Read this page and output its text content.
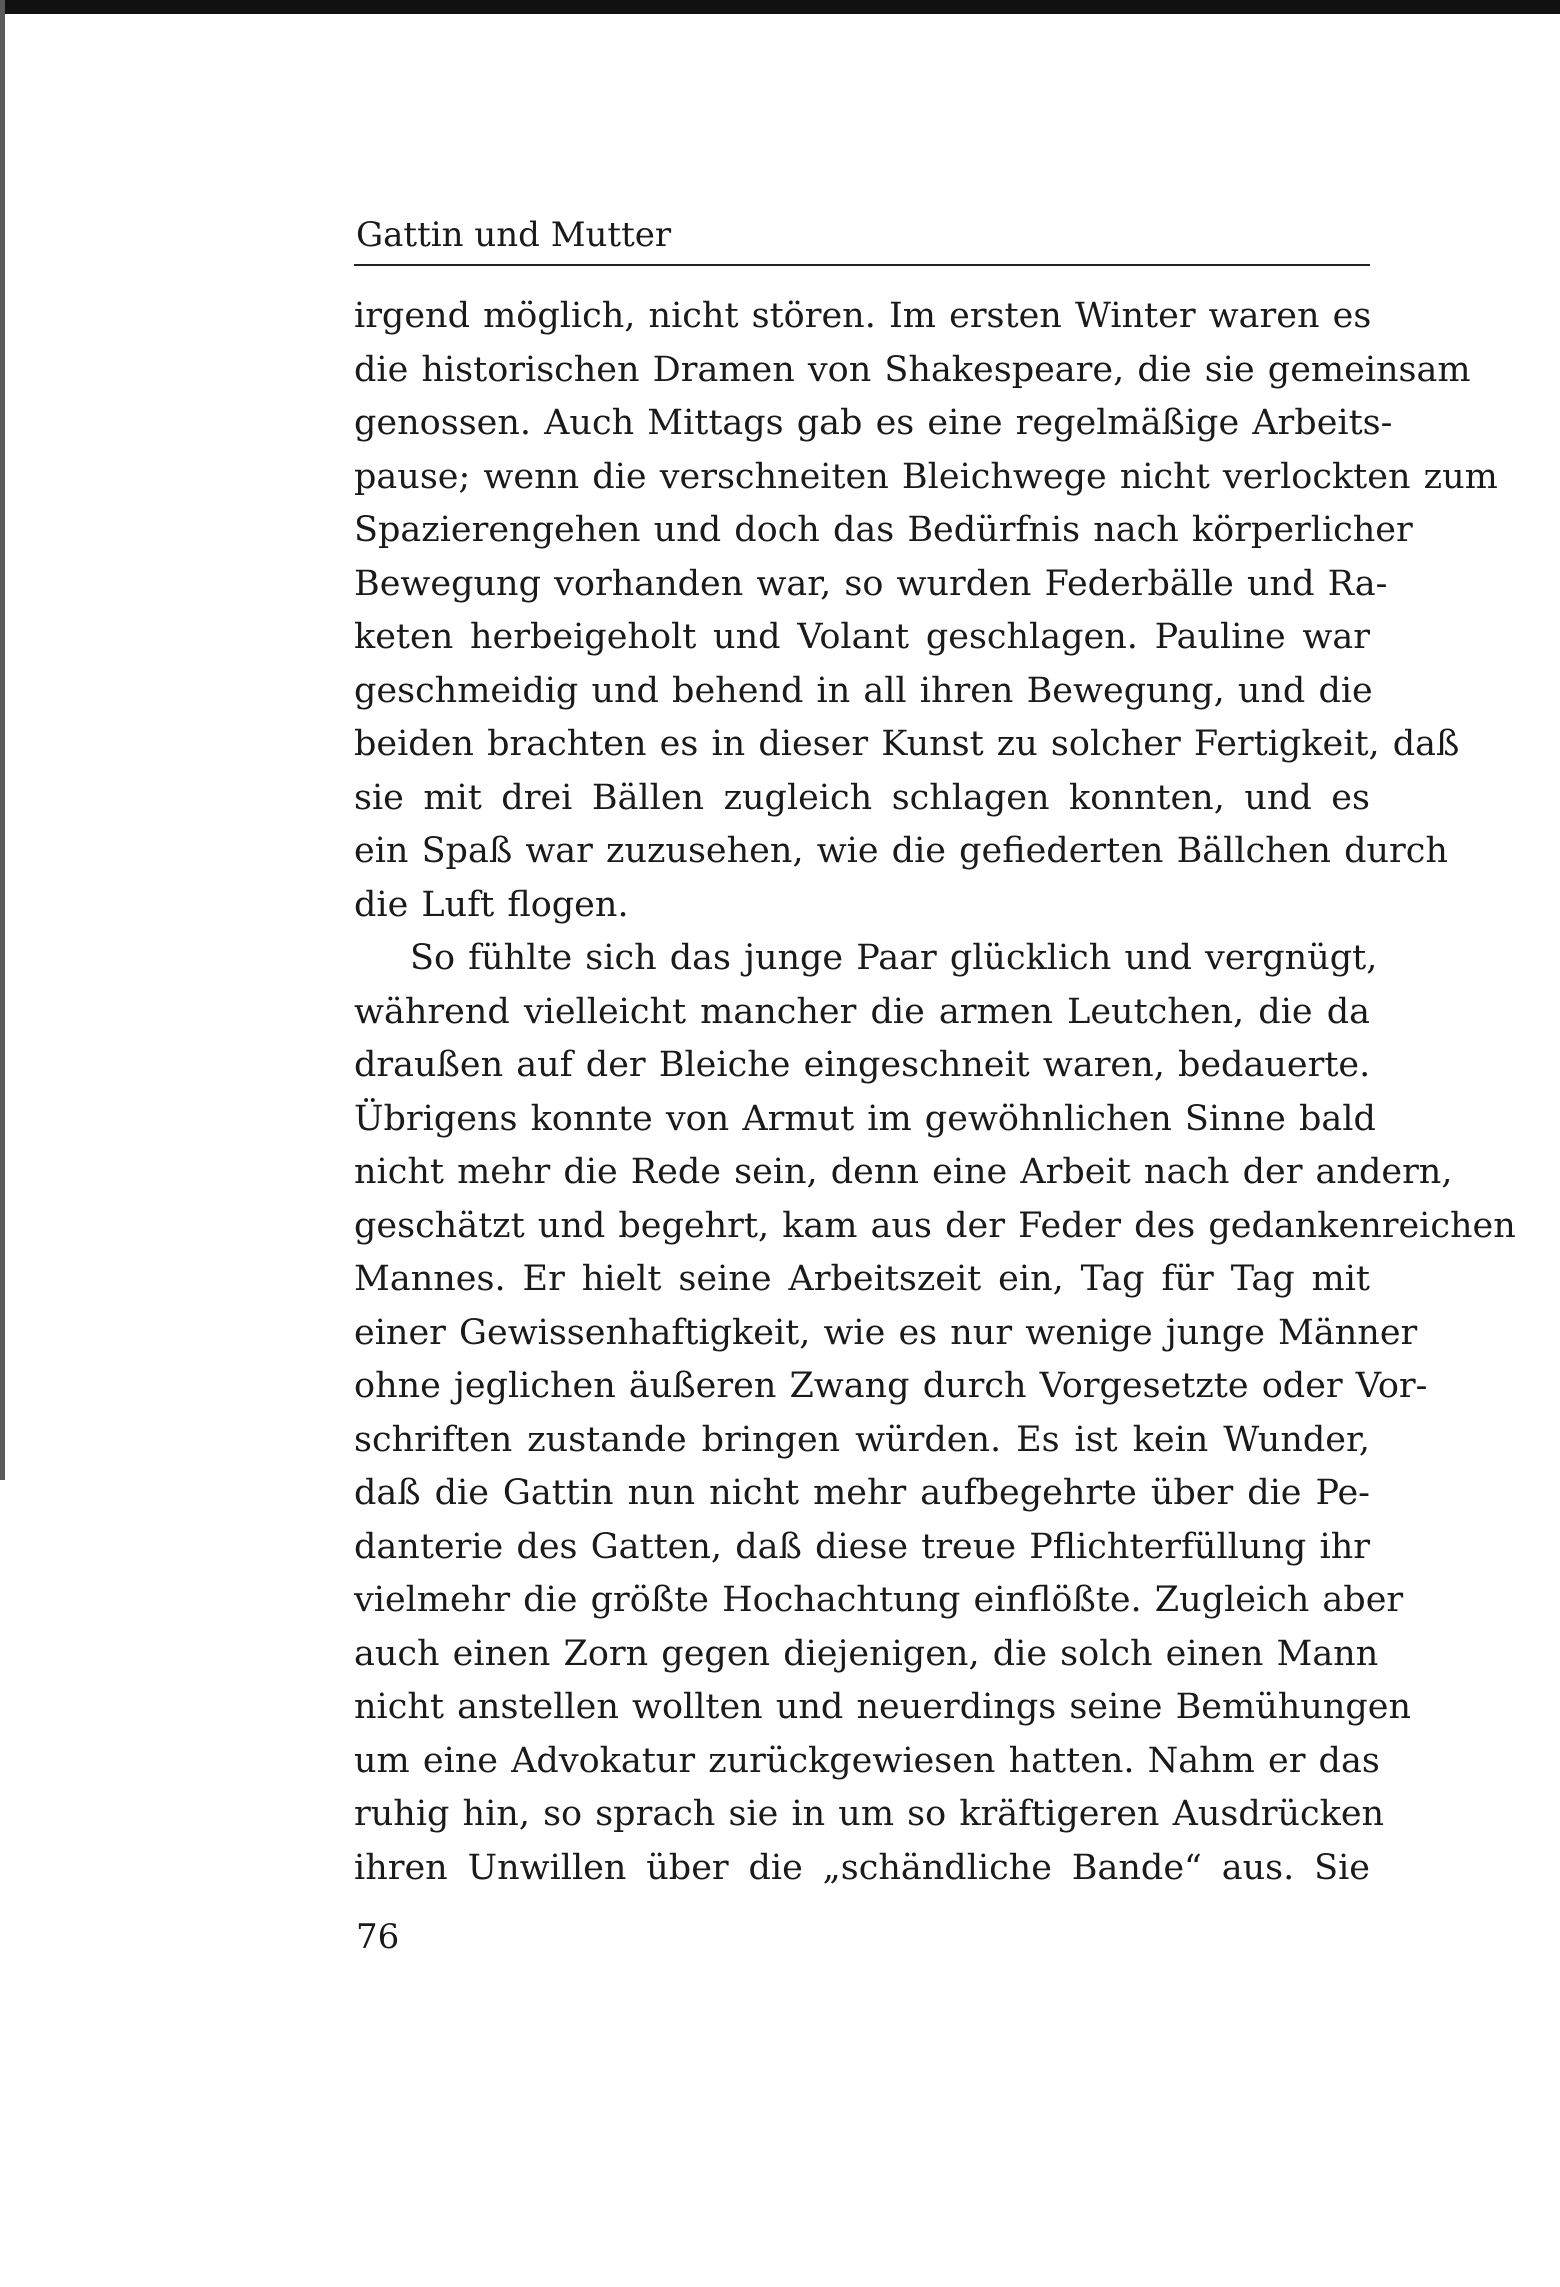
Gattin und Mutter

irgend möglich, nicht stören. Im ersten Winter waren es
die historischen Dramen von Shakespeare, die sie gemeinsam
genossen. Auch Mittags gab es eine regelmäßige Arbeits-
pause; wenn die verschneiten Bleichwege nicht verlockten zum
Spazierengehen und doch das Bedürfnis nach körperlicher
Bewegung vorhanden war, so wurden Federbälle und Ra-
keten herbeigeholt und Volant geschlagen. Pauline war
geschmeidig und behend in all ihren Bewegung, und die
beiden brachten es in dieser Kunst zu solcher Fertigkeit, daß
sie mit drei Bällen zugleich schlagen konnten, und es
ein Spaß war zuzusehen, wie die gefiederten Bällchen durch
die Luft flogen.

So fühlte sich das junge Paar glücklich und vergnügt,
während vielleicht mancher die armen Leutchen, die da
draußen auf der Bleiche eingeschneit waren, bedauerte.
Übrigens konnte von Armut im gewöhnlichen Sinne bald
nicht mehr die Rede sein, denn eine Arbeit nach der andern,
geschätzt und begehrt, kam aus der Feder des gedankenreichen
Mannes. Er hielt seine Arbeitszeit ein, Tag für Tag mit
einer Gewissenhaftigkeit, wie es nur wenige junge Männer
ohne jeglichen äußeren Zwang durch Vorgesetzte oder Vor-
schriften zustande bringen würden. Es ist kein Wunder,
daß die Gattin nun nicht mehr aufbegehrte über die Pe-
danterie des Gatten, daß diese treue Pflichterfüllung ihr
vielmehr die größte Hochachtung einflößte. Zugleich aber
auch einen Zorn gegen diejenigen, die solch einen Mann
nicht anstellen wollten und neuerdings seine Bemühungen
um eine Advokatur zurückgewiesen hatten. Nahm er das
ruhig hin, so sprach sie in um so kräftigeren Ausdrücken
ihren Unwillen über die „schändliche Bande“ aus. Sie

76
